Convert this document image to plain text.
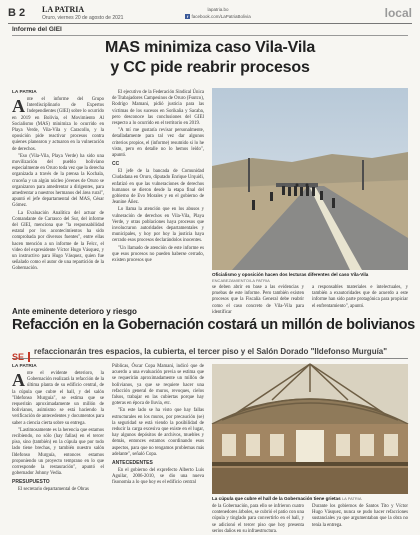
B 2 LA PATRIA
Oruro, viernes 20 de agosto de 2021
lapatria.bo
f facebook.com/LaPatriaBolivia	local
Informe del GIEI
MAS minimiza caso Vila-Vila
y CC pide reabrir procesos
LA PATRIA
A nte el informe del Grupo Interdisciplinario de Expertos Independientes (GIEI) sobre lo ocurrido en 2019 en Bolivia, el Movimiento Al Socialismo (MAS) minimiza lo ocurrido en Playa Verde, Vila-Vila y Caracollo, y la oposición pide reactivar procesos contra quienes planearon y actuaron en la vulneración de derechos.

"Eso (Vila-Vila, Playa Verde) ha sido una movilización del pueblo boliviano especialmente en Oruro toda vez que la derecha organizada a través de la prensa la Kochala, cruceña y un algún núcleo jóvenes de Oruro se organizaron para amedrentar a dirigentes, para amedrentar a nuestros hermanos del área rural", apuntó el jefe departamental del MAS, César Gómez.

La Evaluación Analítica del actuar de Comandante de Carrasco del Sur, del informe del GIEI, menciona que "la responsabilidad estatal por los acontecimientos ha sido comprobada por diversos fuentes", entre ellas hacen mención a un informe de la Felcc, el video del expresidente Víctor Hugo Vásquez, y un instructivo para Hugo Vásquez, quien fue señalado como el autor de una repartición de la Gobernación.

El ejecutivo de la Federación Sindical Única de Trabajadores Campesinos de Oruro (Fsutco), Rodrigo Mamani, pidió justicia para las víctimas de los sucesos en Sorikaña y Sacaba, pero desconoce las conclusiones del GIEI respecto a lo ocurrido en el territorio en 2019.

"A mí me gustaría revisar personalmente, detalladamente para tal vez dar algunos criterios propios, el (informe) resumido si lo he visto, pero en detalle no lo hemos leído", apuntó.

CC

El jefe de la bancada de Comunidad Ciudadana en Oruro, diputado Enrique Urquidi, enfatizó en que las vulneraciones de derechos humanos se dieron desde la etapa final del gobierno de Evo Morales y en el gobierno de Jeanine Áñez.

Lo llama la atención que en los abusos y vulneración de derechos en Vila-Vila, Playa Verde, y otras poblaciones haya procesos que involucraron autoridades departamentales y municipales, y hoy por hoy la justicia haya cerrado esos procesos declarándolos inocentes.

"Un llamado de atención de este informe es que esos procesos no pueden haberse cerrado, existen procesos que

Oficialismo y oposición hacen dos lecturas diferentes del caso Vila-Vila
ENCABEZAMIENTO/LA PATRIA

se deben abrir en base a las evidencias y pruebas de este informe. Pero también existen procesos que la Fiscalía General debe reabrir como el caso concreto de Vila-Vila para identificar

a responsables materiales e intelectuales, y también a exautoridades que de acuerdo a este informe han sido parte protagónica para propiciar el enfrentamiento", apuntó.

Ante eminente deterioro y riesgo
Refacción en la Gobernación costará un millón de bolivianos
$SE^{refaccionarán tres espacios, la cubierta, el tercer piso y el Salón Dorado "Ildefonso Murguía"}$
LA PATRIA
A nte el evidente deterioro, la Gobernación realizará la refacción de la última planta de su edificio central, de la cúpula que cubre el hall, y del salón "Ildefonso Murguía", se estima que se requerirán aproximadamente un millón de bolivianos, asimismo se está haciendo la verificación de antecedentes y documentos para saber a ciencia cierta sobre su entrega.

"Lastimosamente es la herencia que estamos recibiendo, no sólo (hay fallas) en el tercer piso, sino (también) en la cúpula que por todo lado tiene brechas, y también nuestro salón Ildefonso Murguía, entonces estamos proponiendo un proyecto temprano en lo que corresponde la restauración", apuntó el gobernador Johnny Vedia.

PRESUPUESTO

El secretario departamental de Obras

Públicas, Óscar Copa Mamani, indicó que de acuerdo a una evaluación previa se estima que se requerirán aproximadamente un millón de bolivianos, ya que se requiere hacer una refacción general de muros, revoques, cielos falsos, trabajar en las cubiertas porque hay goteras en época de lluvia, etc.

"En este lado se ha visto que hay fallas estructurales en los muros, por precaución (se) la seguridad se está viendo la posibilidad de reducir la carga excesiva que existe en el lugar, hay algunos depósitos de archivos, muebles y demás, entonces estamos coordinando esos aspectos, para que no tengamos problemas más adelante", señaló Copa.

ANTECEDENTES

En el gobierno del exprefecto Alberto Luis Aguilar, 2006-2010, se dio una nueva fisonomía a lo que hoy es el edificio central

La cúpula que cubre el hall de la Gobernación tiene grietas LA PATRIA

de la Gobernación, para ello se infrieron cuatro contenedores árboles, se cubrió el patio con una cúpula y tinglado para convertirlo en el hall, y se adicionó el tercer piso que hoy presenta serios daños en su infraestructura.

Durante los gobiernos de Santos Tito y Víctor Hugo Vásquez, nunca se pudo hacer refacciones sustanciales ya que argumentaban que la obra no tenía la entrega.
